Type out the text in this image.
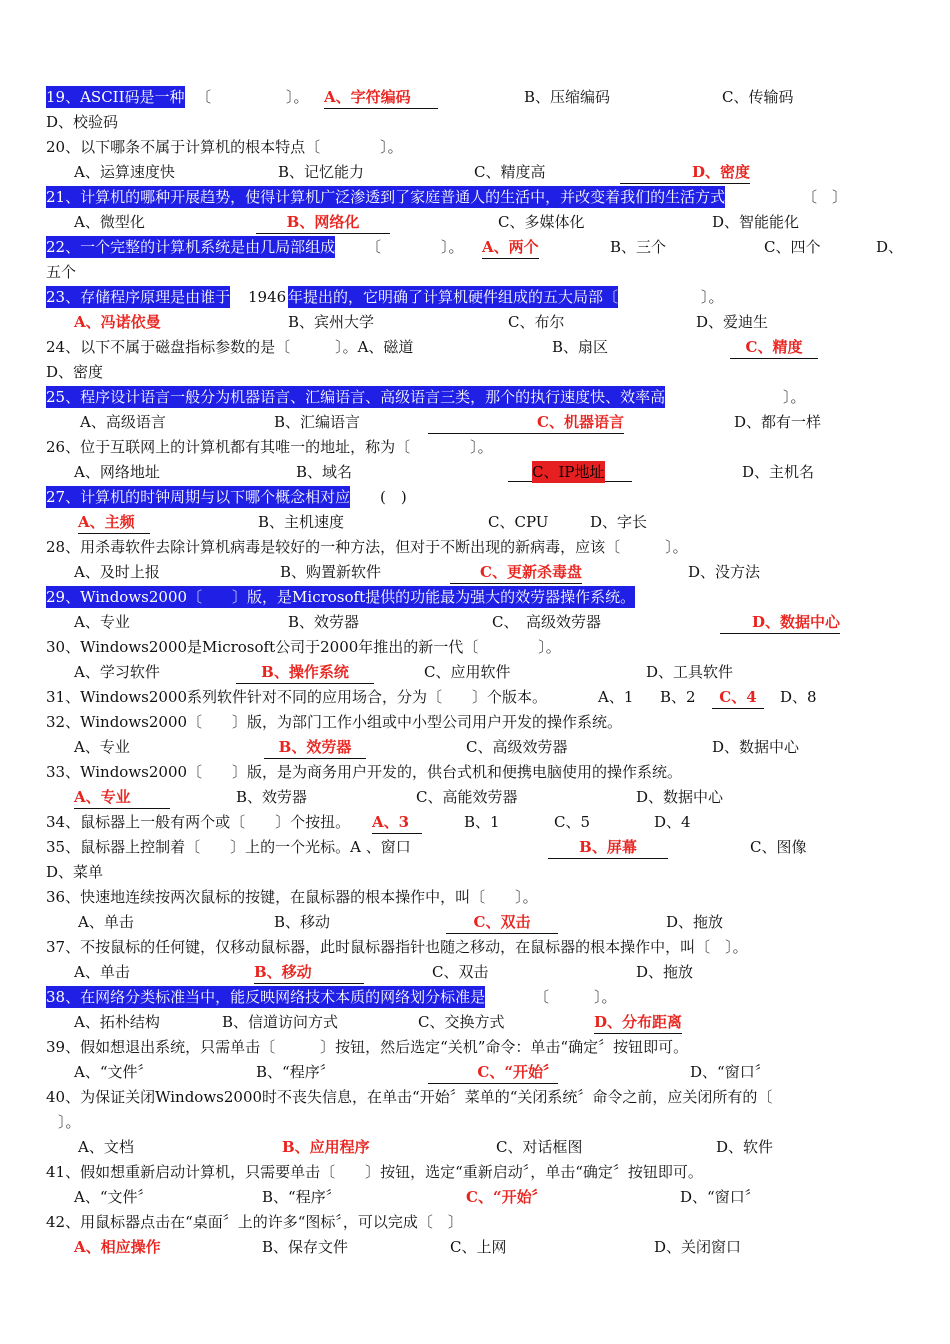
19、ASCII码是一种 〔　　　　　〕。 A、字符编码	B、压缩编码	C、传输码
D、校验码
20、以下哪条不属于计算机的根本特点〔　　　　〕。
A、运算速度快	B、记忆能力	C、精度高	D、密度
21、计算机的哪种开展趋势，使得计算机广泛渗透到了家庭普通人的生活中，并改变着我们的生活方式	〔　〕
A、微型化	B、网络化	C、多媒体化	D、智能能化
22、一个完整的计算机系统是由几局部组成 〔　　　　〕。 A、两个	B、三个	C、四个	D、
五个
23、存储程序原理是由谁于 1946 年提出的，它明确了计算机硬件组成的五大局部〔	　　　〕。
A、冯诺依曼	B、宾州大学	C、布尔	D、爱迪生
24、以下不属于磁盘指标参数的是〔　　　〕。A、磁道	B、扇区	C、精度
D、密度
25、程序设计语言一般分为机器语言、汇编语言、高级语言三类，那个的执行速度快、效率高	　　　〕。
A、高级语言	B、汇编语言	C、机器语言	D、都有一样
26、位于互联网上的计算机都有其唯一的地址，称为〔　　　　〕。
A、网络地址	B、域名	C、IP地址	D、主机名
27、计算机的时钟周期与以下哪个概念相对应 (　)
A、主频	B、主机速度	C、CPU	D、字长
28、用杀毒软件去除计算机病毒是较好的一种方法，但对于不断出现的新病毒，应该〔　　　〕。
A、及时上报	B、购置新软件	C、更新杀毒盘	D、没方法
29、Windows2000〔　　〕版，是Microsoft提供的功能最为强大的效劳器操作系统。
A、专业	B、效劳器	C、　高级效劳器	D、数据中心
30、Windows2000是Microsoft公司于2000年推出的新一代〔　　　　〕。
A、学习软件	B、操作系统	C、应用软件	D、工具软件
31、Windows2000系列软件针对不同的应用场合，分为〔　　〕个版本。	A、1 B、2	C、4	D、8
32、Windows2000〔　　〕版，为部门工作小组或中小型公司用户开发的操作系统。
A、专业	B、效劳器	C、高级效劳器	D、数据中心
33、Windows2000〔　　〕版，是为商务用户开发的，供台式机和便携电脑使用的操作系统。
A、专业	B、效劳器	C、高能效劳器	D、数据中心
34、鼠标器上一般有两个或〔　　〕个按扭。 A、3	B、1	C、5	D、4
35、鼠标器上控制着〔　　〕上的一个光标。A 、窗口	B、屏幕	C、图像
D、菜单
36、快速地连续按两次鼠标的按键，在鼠标器的根本操作中，叫〔　　〕。
A、单击	B、移动	C、双击	D、拖放
37、不按鼠标的任何键，仅移动鼠标器，此时鼠标器指针也随之移动，在鼠标器的根本操作中，叫〔　〕。
A、单击	B、移动	C、双击	D、拖放
38、在网络分类标准当中，能反映网络技术本质的网络划分标准是	〔　　　〕。
A、拓朴结构	B、信道访问方式	C、交换方式	D、分布距离
39、假如想退出系统，只需单击〔　　　〕按钮，然后选定“关机”命令：单击“确定〞按钮即可。
A、“文件〞	B、“程序〞	C、“开始〞	D、“窗口〞
40、为保证关闭Windows2000时不丧失信息，在单击“开始〞菜单的“关闭系统〞命令之前，应关闭所有的〔
〕。
A、文档	B、应用程序	C、对话框图	D、软件
41、假如想重新启动计算机，只需要单击〔　　〕按钮，选定“重新启动〞，单击“确定〞按钮即可。
A、“文件〞	B、“程序〞	C、“开始〞	D、“窗口〞
42、用鼠标器点击在“桌面〞上的许多“图标〞，可以完成〔　〕
A、相应操作	B、保存文件	C、上网	D、关闭窗口
